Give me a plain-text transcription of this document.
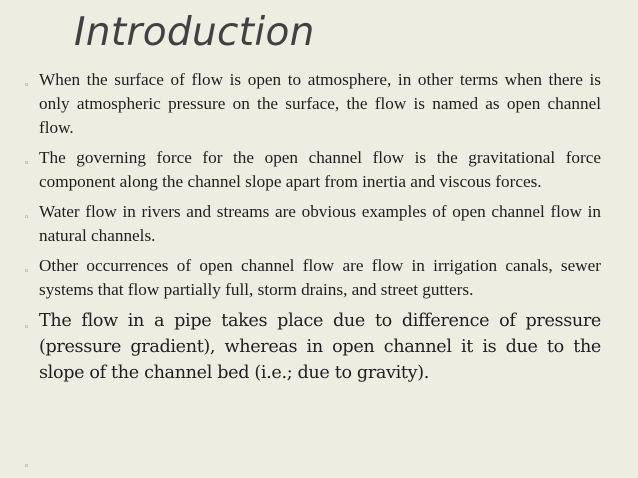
Introduction
◦ When the surface of flow is open to atmosphere, in other terms when there is only atmospheric pressure on the surface, the flow is named as open channel flow.
◦ The governing force for the open channel flow is the gravitational force component along the channel slope apart from inertia and viscous forces.
◦ Water flow in rivers and streams are obvious examples of open channel flow in natural channels.
◦ Other occurrences of open channel flow are flow in irrigation canals, sewer systems that flow partially full, storm drains, and street gutters.
◦ The flow in a pipe takes place due to difference of pressure (pressure gradient), whereas in open channel it is due to the slope of the channel bed (i.e.; due to gravity).
◦
